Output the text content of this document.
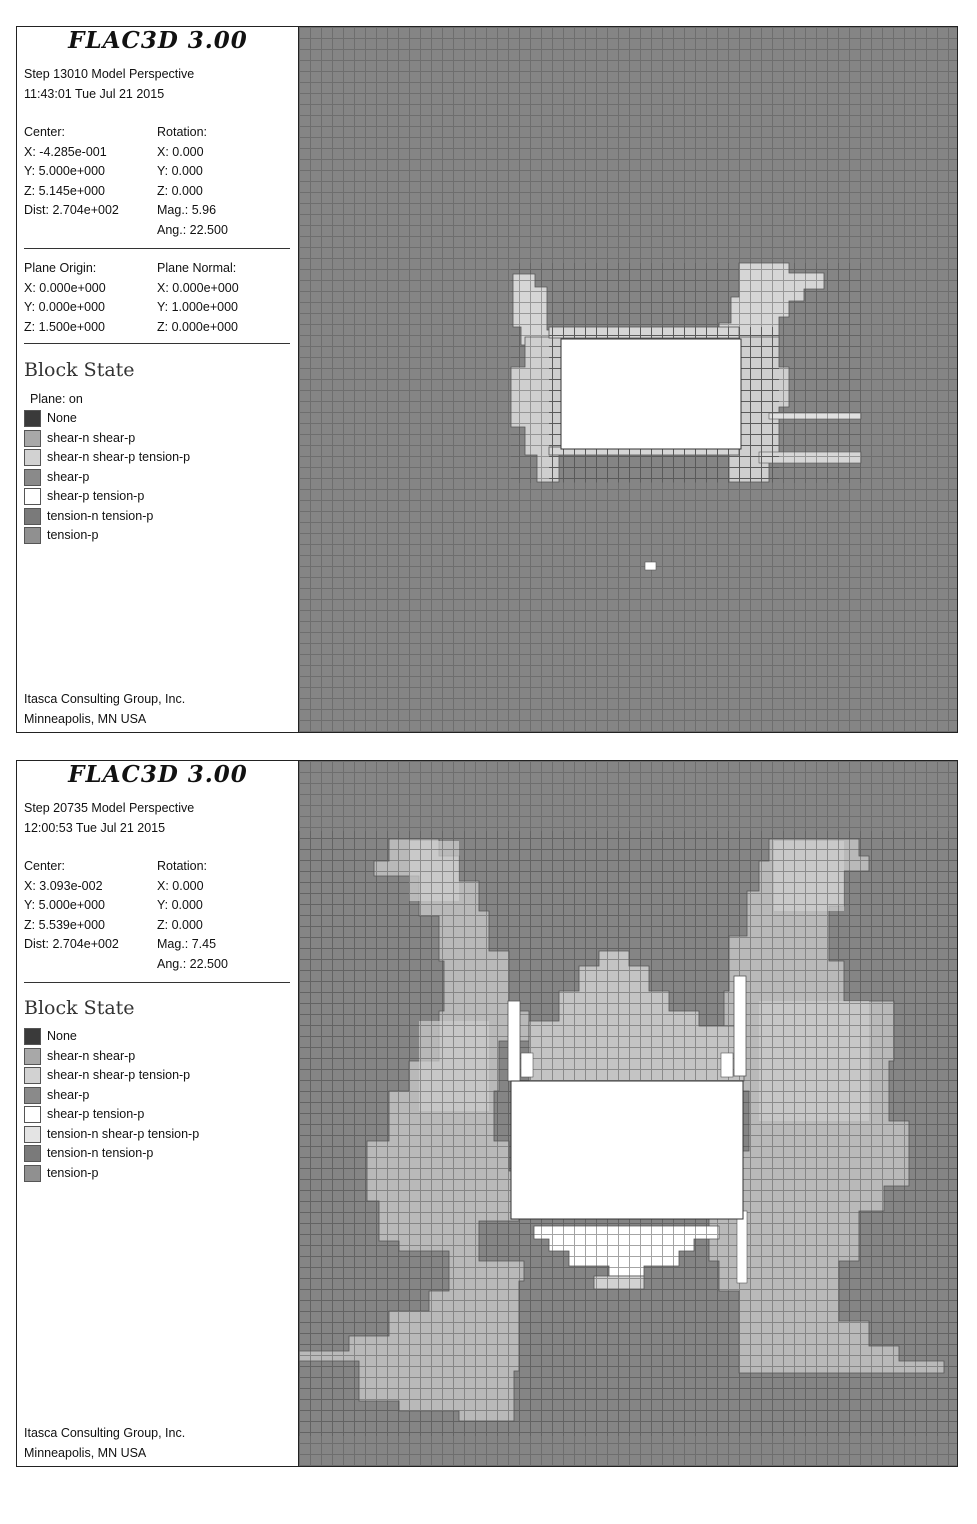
FLAC3D 3.00
Step 13010 Model Perspective
11:43:01 Tue Jul 21 2015
Center:
X: -4.285e-001
Y: 5.000e+000
Z: 5.145e+000
Dist: 2.704e+002
Rotation:
X: 0.000
Y: 0.000
Z: 0.000
Mag.: 5.96
Ang.: 22.500
Plane Origin:
X: 0.000e+000
Y: 0.000e+000
Z: 1.500e+000
Plane Normal:
X: 0.000e+000
Y: 1.000e+000
Z: 0.000e+000
Block State
Plane: on
None
shear-n shear-p
shear-n shear-p tension-p
shear-p
shear-p tension-p
tension-n tension-p
tension-p
Itasca Consulting Group, Inc.
Minneapolis, MN USA
FLAC3D 3.00
Step 20735 Model Perspective
12:00:53 Tue Jul 21 2015
Center:
X: 3.093e-002
Y: 5.000e+000
Z: 5.539e+000
Dist: 2.704e+002
Rotation:
X: 0.000
Y: 0.000
Z: 0.000
Mag.: 7.45
Ang.: 22.500
Block State
None
shear-n shear-p
shear-n shear-p tension-p
shear-p
shear-p tension-p
tension-n shear-p tension-p
tension-n tension-p
tension-p
Itasca Consulting Group, Inc.
Minneapolis, MN USA
